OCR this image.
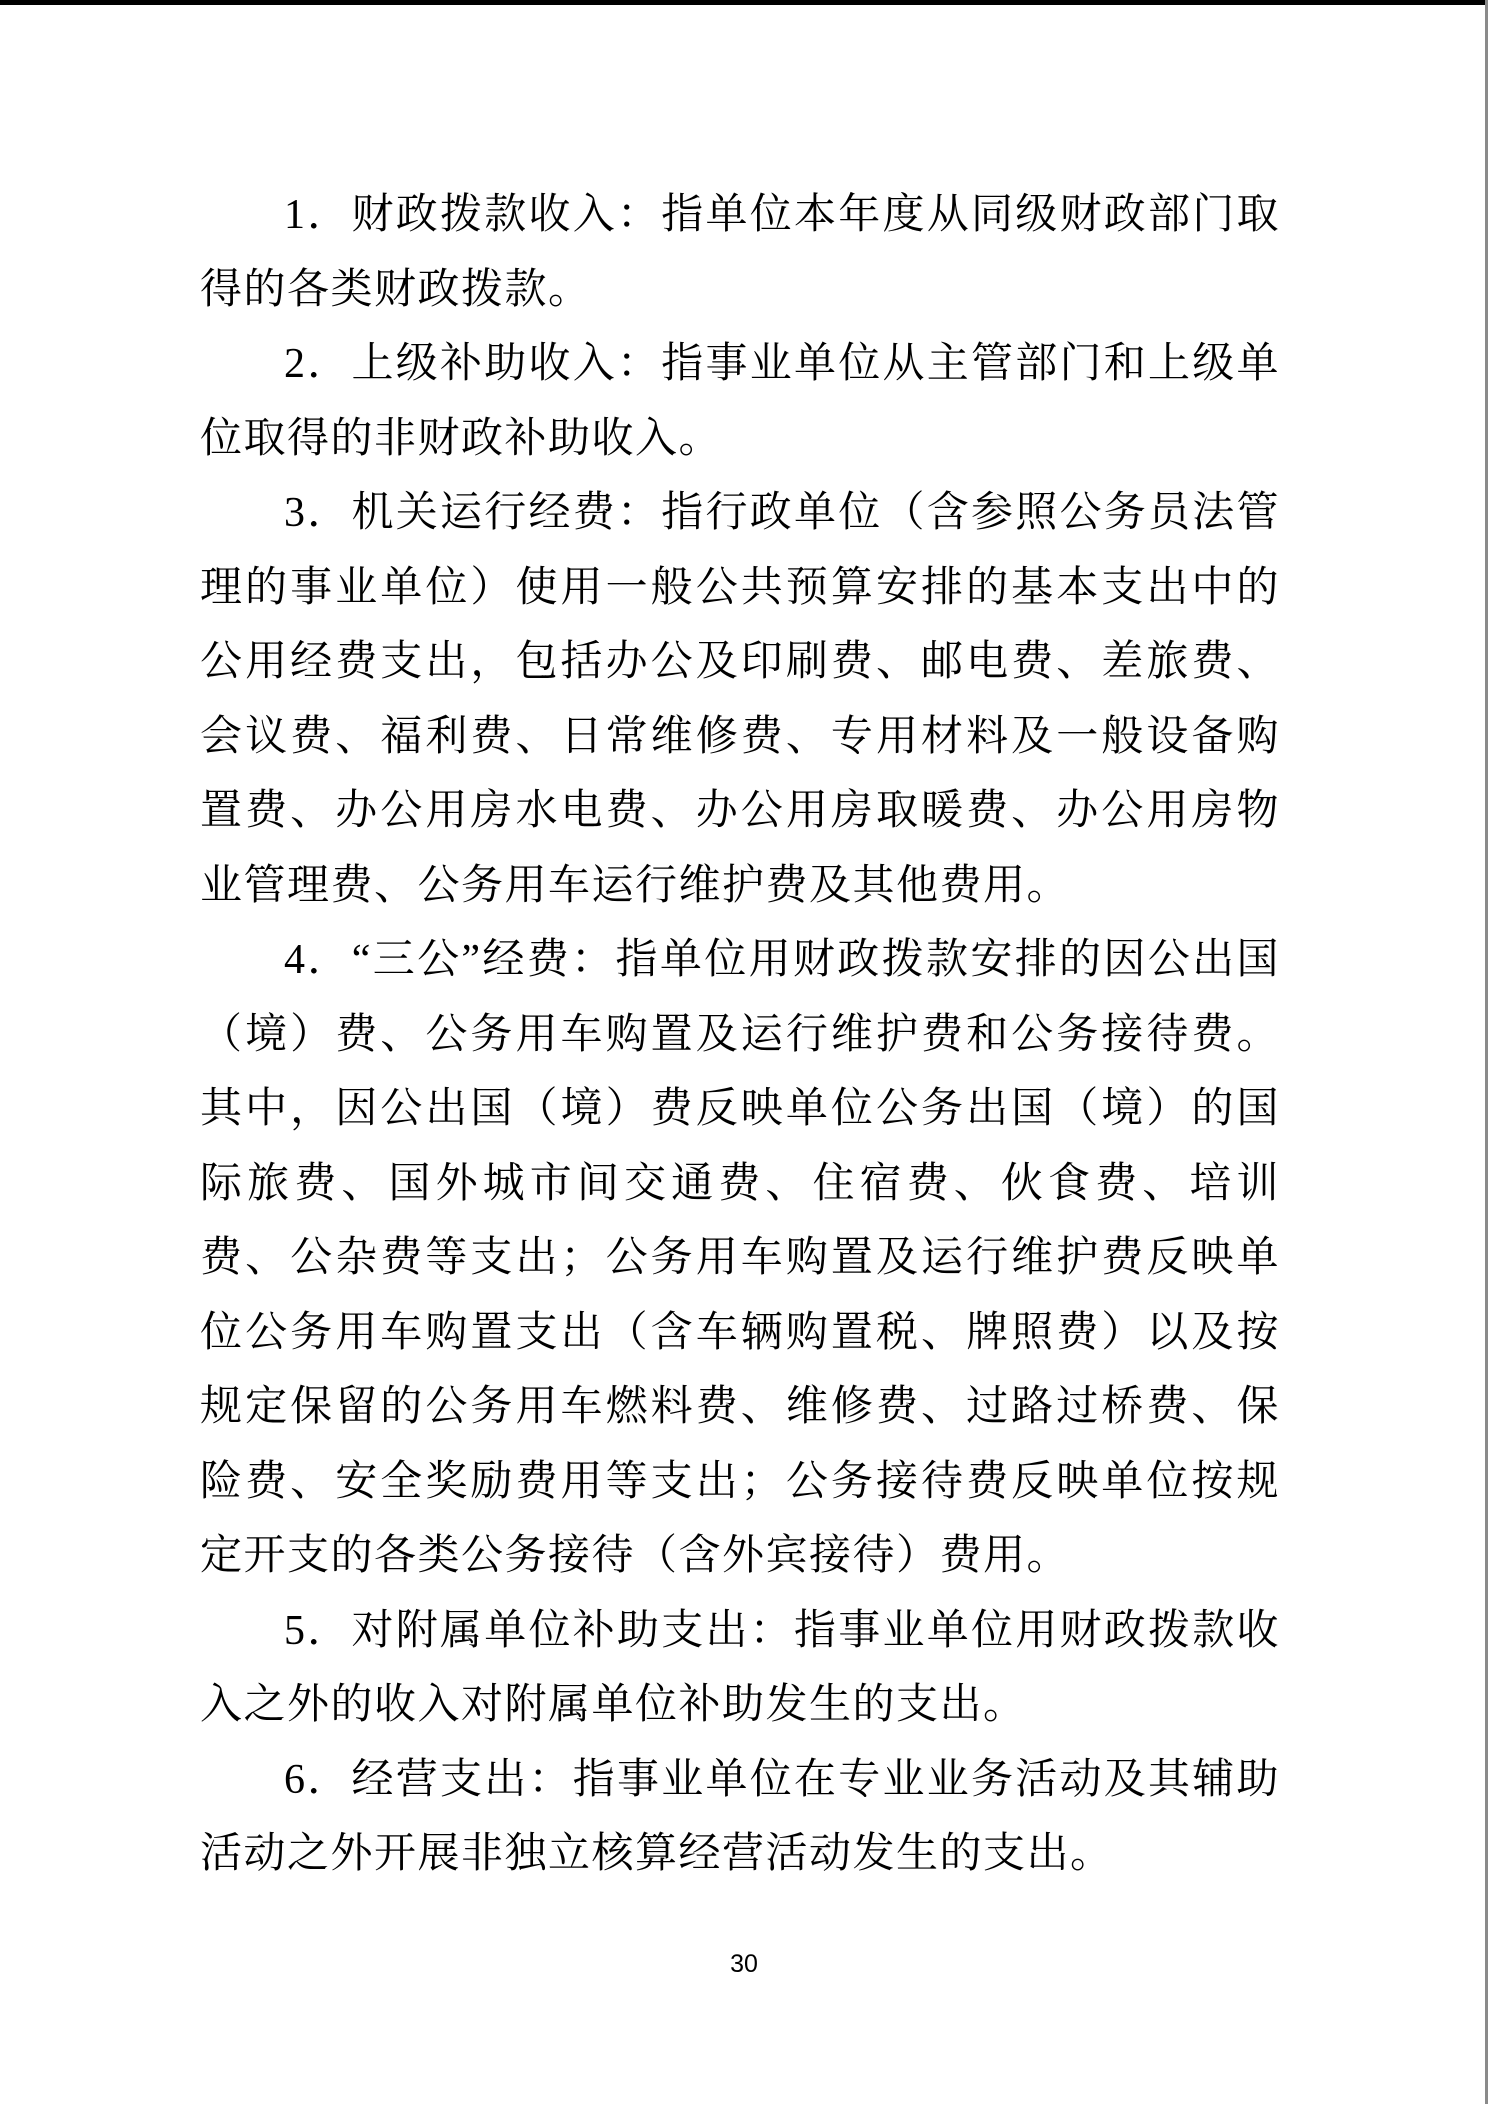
1．财政拨款收入：指单位本年度从同级财政部门取得的各类财政拨款。

2．上级补助收入：指事业单位从主管部门和上级单位取得的非财政补助收入。

3．机关运行经费：指行政单位（含参照公务员法管理的事业单位）使用一般公共预算安排的基本支出中的公用经费支出，包括办公及印刷费、邮电费、差旅费、会议费、福利费、日常维修费、专用材料及一般设备购置费、办公用房水电费、办公用房取暖费、办公用房物业管理费、公务用车运行维护费及其他费用。

4．“三公”经费：指单位用财政拨款安排的因公出国（境）费、公务用车购置及运行维护费和公务接待费。其中，因公出国（境）费反映单位公务出国（境）的国际旅费、国外城市间交通费、住宿费、伙食费、培训费、公杂费等支出；公务用车购置及运行维护费反映单位公务用车购置支出（含车辆购置税、牌照费）以及按规定保留的公务用车燃料费、维修费、过路过桥费、保险费、安全奖励费用等支出；公务接待费反映单位按规定开支的各类公务接待（含外宾接待）费用。

5．对附属单位补助支出：指事业单位用财政拨款收入之外的收入对附属单位补助发生的支出。

6．经营支出：指事业单位在专业业务活动及其辅助活动之外开展非独立核算经营活动发生的支出。

30
